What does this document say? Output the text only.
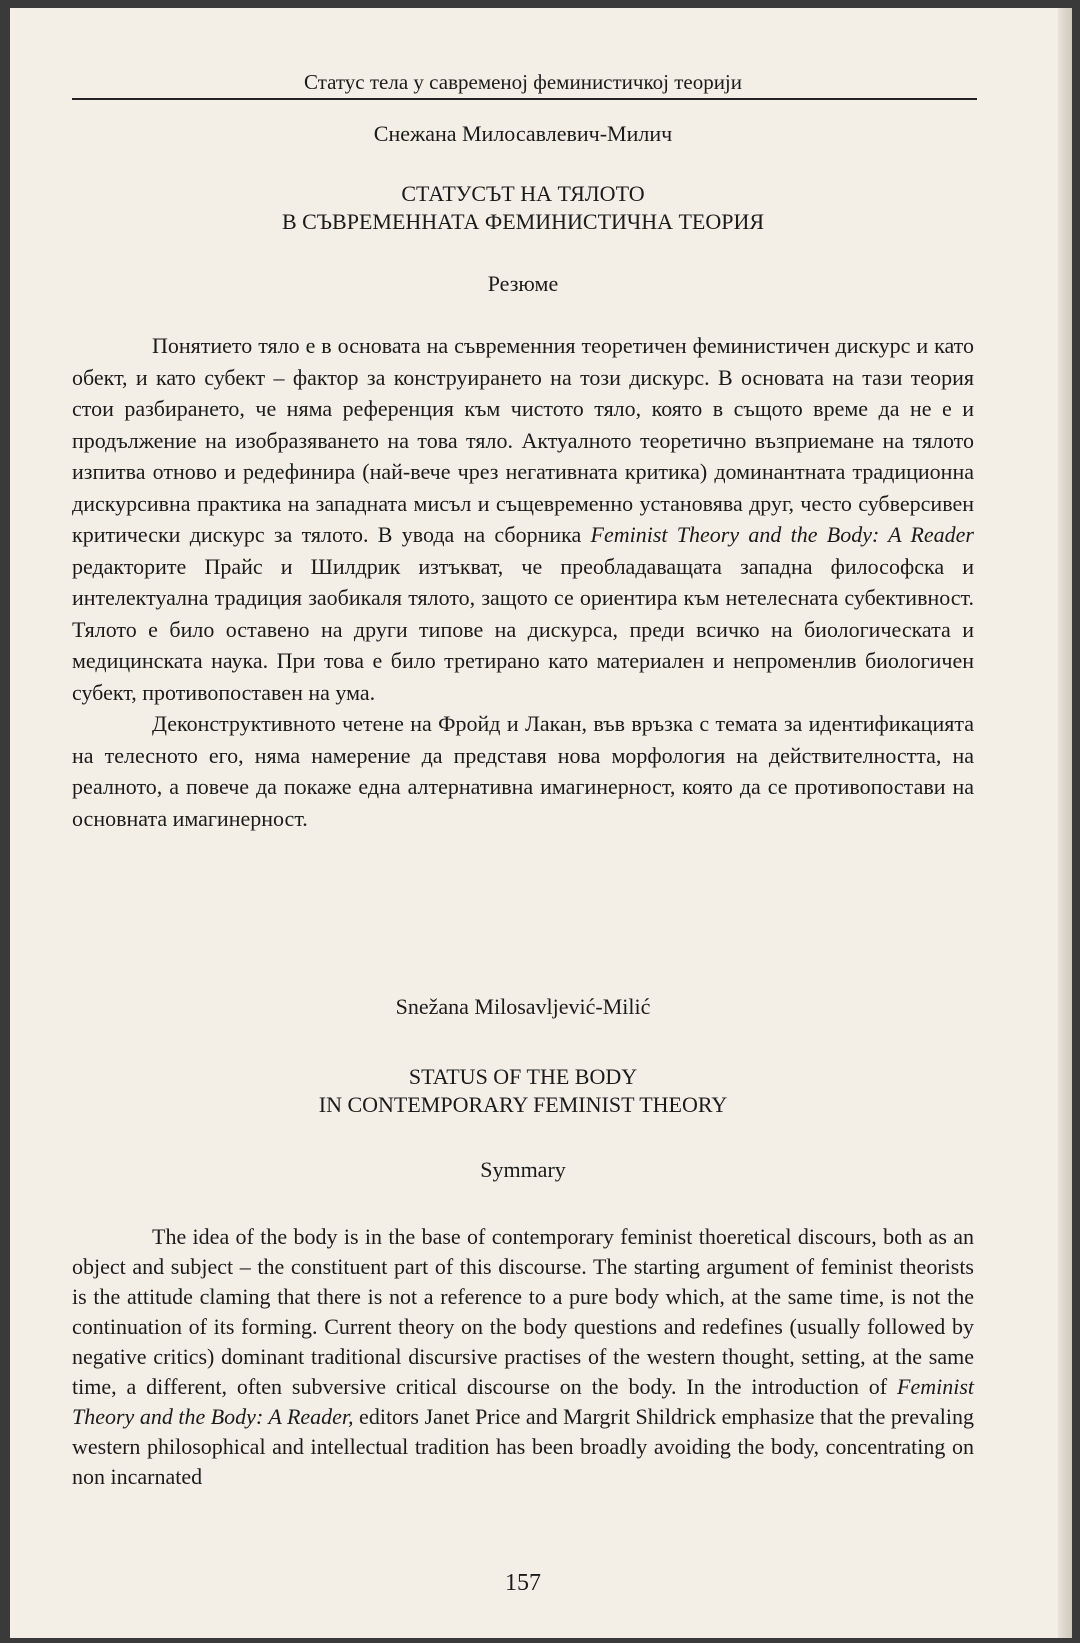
Статус тела у савременој феминистичкој теорији
Снежана Милосавлевич-Милич
СТАТУСЪТ НА ТЯЛОТО
В СЪВРЕМЕННАТА ФЕМИНИСТИЧНА ТЕОРИЯ
Резюме

Понятието тяло е в основата на съвременния теоретичен феминистичен дискурс и като обект, и като субект – фактор за конструирането на този дискурс. В основата на тази теория стои разбирането, че няма референция към чистото тяло, която в същото време да не е и продължение на изобразяването на това тяло. Актуалното теоретично възприемане на тялото изпитва отново и редефинира (най-вече чрез негативната критика) доминантната традиционна дискурсивна практика на западната мисъл и същевременно установява друг, често субверсивен критически дискурс за тялото. В увода на сборника Feminist Theory and the Body: A Reader редакторите Прайс и Шилдрик изтъкват, че преобладаващата западна философска и интелектуална традиция заобикаля тялото, защото се ориентира към нетелесната субективност. Тялото е било оставено на други типове на дискурса, преди всичко на биологическата и медицинската наука. При това е било третирано като материален и непроменлив биологичен субект, противопоставен на ума.

Деконструктивното четене на Фройд и Лакан, във връзка с темата за идентификацията на телесното его, няма намерение да представя нова морфология на действителността, на реалното, а повече да покаже една алтернативна имагинерност, която да се противопостави на основната имагинерност.

Snežana Milosavljević-Milić
STATUS OF THE BODY
IN CONTEMPORARY FEMINIST THEORY
Symmary

The idea of the body is in the base of contemporary feminist thoeretical discours, both as an object and subject – the constituent part of this discourse. The starting argument of feminist theorists is the attitude claming that there is not a reference to a pure body which, at the same time, is not the continuation of its forming. Current theory on the body questions and redefines (usually followed by negative critics) dominant traditional discursive practises of the western thought, setting, at the same time, a different, often subversive critical discourse on the body. In the introduction of Feminist Theory and the Body: A Reader, editors Janet Price and Margrit Shildrick emphasize that the prevaling western philosophical and intellectual tradition has been broadly avoiding the body, concentrating on non incarnated

157
